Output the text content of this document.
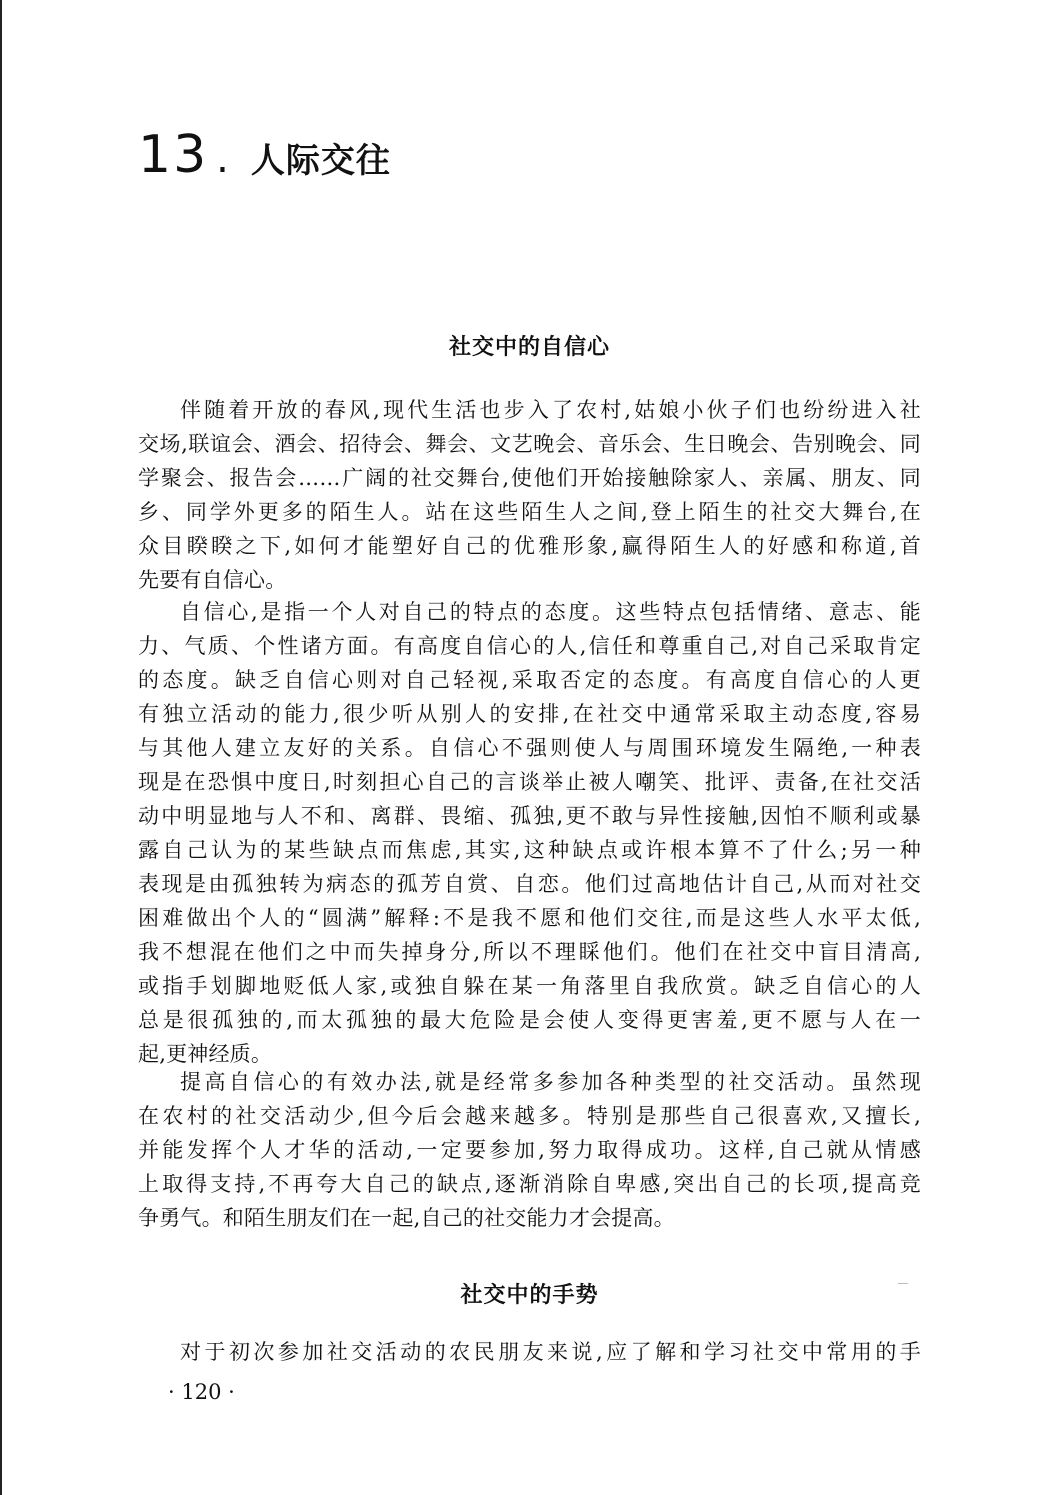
13 . 人际交往
社交中的自信心
伴随着开放的春风,现代生活也步入了农村,姑娘小伙子们也纷纷进入社
交场,联谊会、酒会、招待会、舞会、文艺晚会、音乐会、生日晚会、告别晚会、同
学聚会、报告会……广阔的社交舞台,使他们开始接触除家人、亲属、朋友、同
乡、同学外更多的陌生人。站在这些陌生人之间,登上陌生的社交大舞台,在
众目睽睽之下,如何才能塑好自己的优雅形象,赢得陌生人的好感和称道,首
先要有自信心。
自信心,是指一个人对自己的特点的态度。这些特点包括情绪、意志、能
力、气质、个性诸方面。有高度自信心的人,信任和尊重自己,对自己采取肯定
的态度。缺乏自信心则对自己轻视,采取否定的态度。有高度自信心的人更
有独立活动的能力,很少听从别人的安排,在社交中通常采取主动态度,容易
与其他人建立友好的关系。自信心不强则使人与周围环境发生隔绝,一种表
现是在恐惧中度日,时刻担心自己的言谈举止被人嘲笑、批评、责备,在社交活
动中明显地与人不和、离群、畏缩、孤独,更不敢与异性接触,因怕不顺利或暴
露自己认为的某些缺点而焦虑,其实,这种缺点或许根本算不了什么;另一种
表现是由孤独转为病态的孤芳自赏、自恋。他们过高地估计自己,从而对社交
困难做出个人的“圆满”解释:不是我不愿和他们交往,而是这些人水平太低,
我不想混在他们之中而失掉身分,所以不理睬他们。他们在社交中盲目清高,
或指手划脚地贬低人家,或独自躲在某一角落里自我欣赏。缺乏自信心的人
总是很孤独的,而太孤独的最大危险是会使人变得更害羞,更不愿与人在一
起,更神经质。
提高自信心的有效办法,就是经常多参加各种类型的社交活动。虽然现
在农村的社交活动少,但今后会越来越多。特别是那些自己很喜欢,又擅长,
并能发挥个人才华的活动,一定要参加,努力取得成功。这样,自己就从情感
上取得支持,不再夸大自己的缺点,逐渐消除自卑感,突出自己的长项,提高竞
争勇气。和陌生朋友们在一起,自己的社交能力才会提高。
社交中的手势
对于初次参加社交活动的农民朋友来说,应了解和学习社交中常用的手
· 120 ·
